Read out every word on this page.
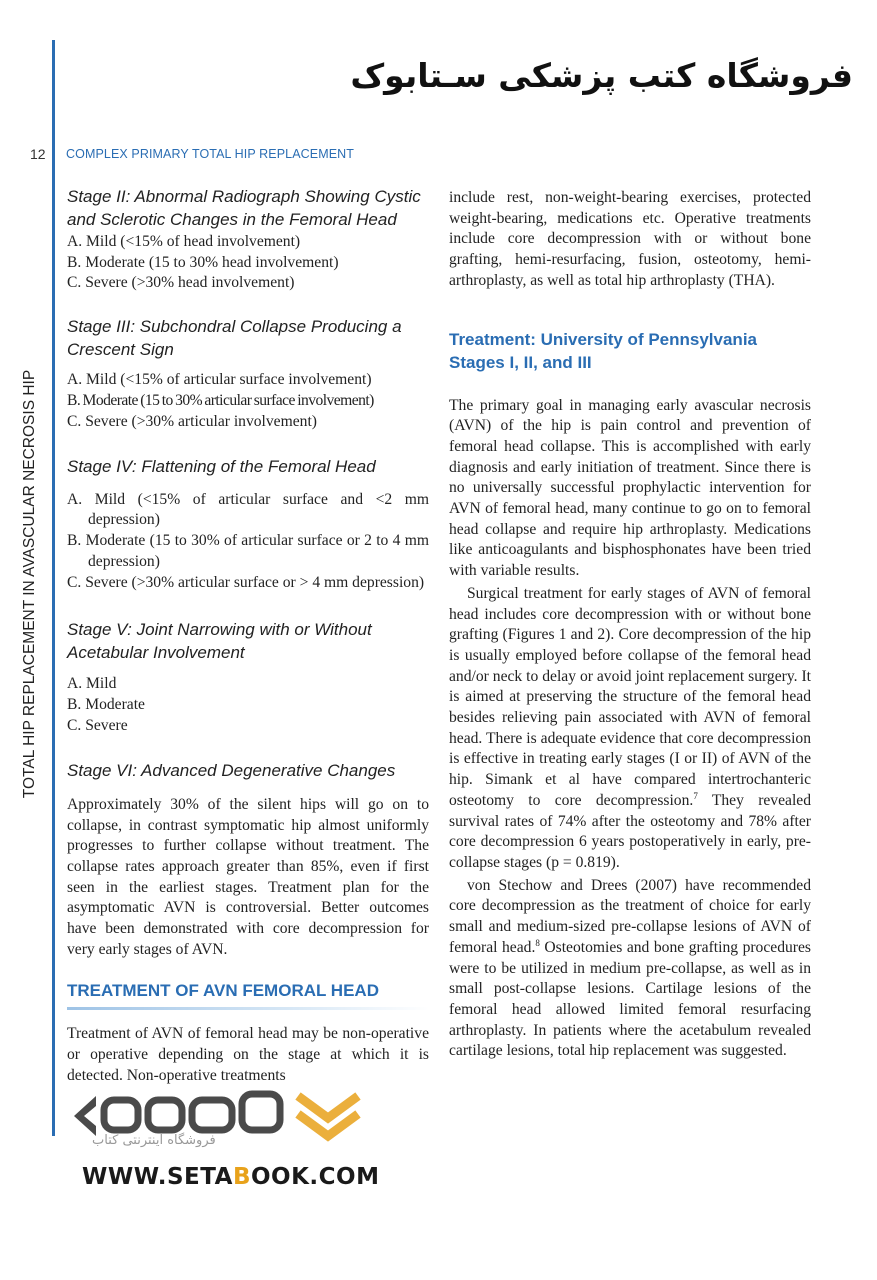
فروشگاه کتب پزشکی سـتابوک
12 COMPLEX PRIMARY TOTAL HIP REPLACEMENT
TOTAL HIP REPLACEMENT IN AVASCULAR NECROSIS HIP
Stage II: Abnormal Radiograph Showing Cystic and Sclerotic Changes in the Femoral Head
A. Mild (<15% of head involvement)
B. Moderate (15 to 30% head involvement)
C. Severe (>30% head involvement)
Stage III: Subchondral Collapse Producing a Crescent Sign
A. Mild (<15% of articular surface involvement)
B. Moderate (15 to 30% articular surface involvement)
C. Severe (>30% articular involvement)
Stage IV: Flattening of the Femoral Head
A. Mild (<15% of articular surface and <2 mm depression)
B. Moderate (15 to 30% of articular surface or 2 to 4 mm depression)
C. Severe (>30% articular surface or > 4 mm depression)
Stage V: Joint Narrowing with or Without Acetabular Involvement
A. Mild
B. Moderate
C. Severe
Stage VI: Advanced Degenerative Changes

Approximately 30% of the silent hips will go on to collapse, in contrast symptomatic hip almost uniformly progresses to further collapse without treatment. The collapse rates approach greater than 85%, even if first seen in the earliest stages. Treatment plan for the asymptomatic AVN is controversial. Better outcomes have been demonstrated with core decompression for very early stages of AVN.

TREATMENT OF AVN FEMORAL HEAD

Treatment of AVN of femoral head may be non-operative or operative depending on the stage at which it is detected. Non-operative treatments

include rest, non-weight-bearing exercises, protected weight-bearing, medications etc. Operative treatments include core decompression with or without bone grafting, hemi-resurfacing, fusion, osteotomy, hemi-arthroplasty, as well as total hip arthroplasty (THA).

Treatment: University of Pennsylvania Stages I, II, and III

The primary goal in managing early avascular necrosis (AVN) of the hip is pain control and prevention of femoral head collapse. This is accomplished with early diagnosis and early initiation of treatment. Since there is no universally successful prophylactic intervention for AVN of femoral head, many continue to go on to femoral head collapse and require hip arthroplasty. Medications like anticoagulants and bisphosphonates have been tried with variable results.

Surgical treatment for early stages of AVN of femoral head includes core decompression with or without bone grafting (Figures 1 and 2). Core decompression of the hip is usually employed before collapse of the femoral head and/or neck to delay or avoid joint replacement surgery. It is aimed at preserving the structure of the femoral head besides relieving pain associated with AVN of femoral head. There is adequate evidence that core decompression is effective in treating early stages (I or II) of AVN of the hip. Simank et al have compared intertrochanteric osteotomy to core decompression.$^7$ They revealed survival rates of 74% after the osteotomy and 78% after core decompression 6 years postoperatively in early, pre-collapse stages (p = 0.819).

von Stechow and Drees (2007) have recommended core decompression as the treatment of choice for early small and medium-sized pre-collapse lesions of AVN of femoral head.$^8$ Osteotomies and bone grafting procedures were to be utilized in medium pre-collapse, as well as in small post-collapse lesions. Cartilage lesions of the femoral head allowed limited femoral resurfacing arthroplasty. In patients where the acetabulum revealed cartilage lesions, total hip replacement was suggested.

فروشگاه اینترنتی کتاب
WWW.SETABOOK.COM
